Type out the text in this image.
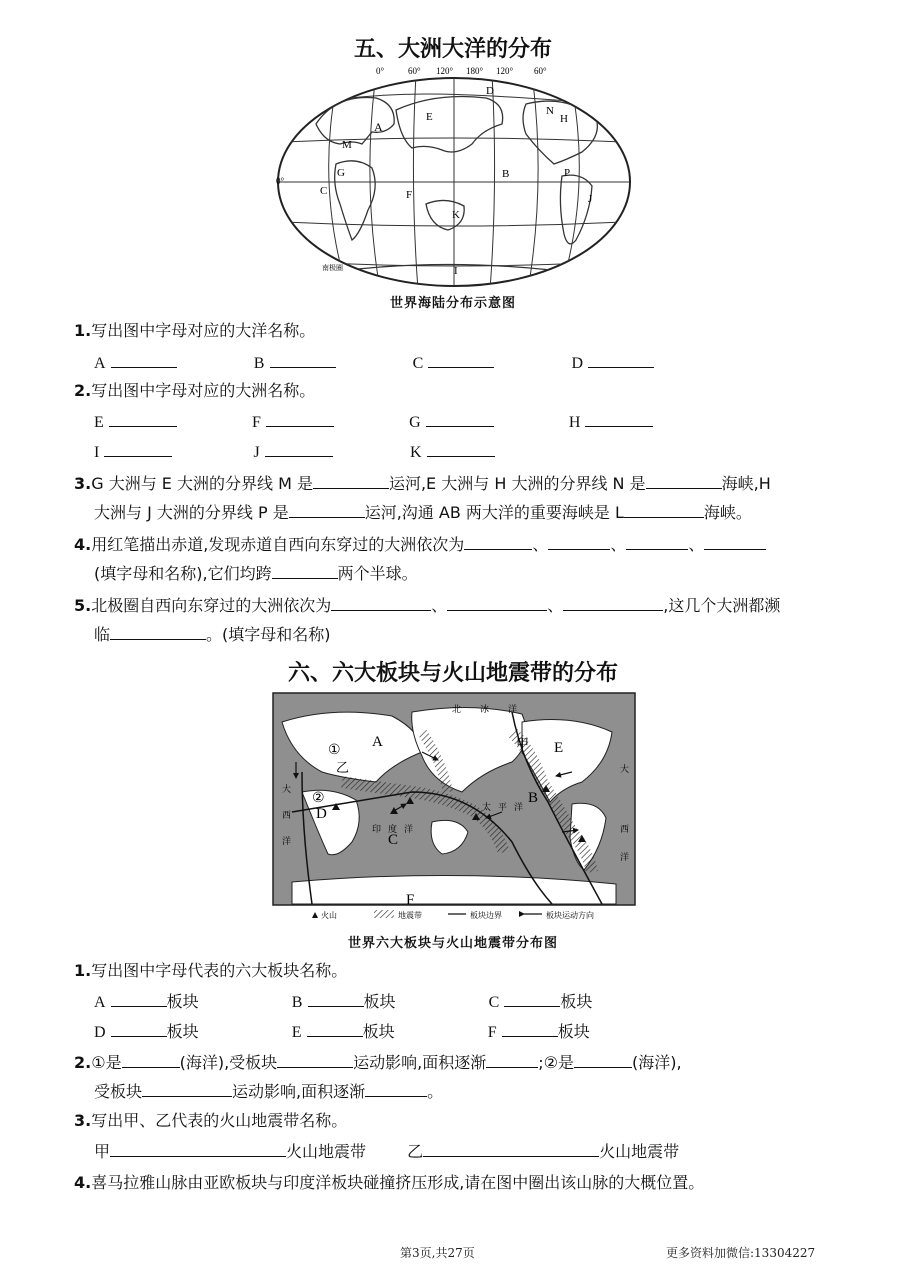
五、大洲大洋的分布
0°	60° 120° 180° 120° 60°
0°
A
B
C
D
E
F
G
H
I
J
K
M
N
P
南极圈
世界海陆分布示意图
1.写出图中字母对应的大洋名称。
A	B	C	D
2.写出图中字母对应的大洲名称。
E	F	G	H
I	J	K
3.G 大洲与 E 大洲的分界线 M 是	运河,E 大洲与 H 大洲的分界线 N 是	海峡,H
大洲与 J 大洲的分界线 P 是	运河,沟通 AB 两大洋的重要海峡是 L	海峡。
4.用红笔描出赤道,发现赤道自西向东穿过的大洲依次为	、	、	、
(填字母和名称),它们均跨	两个半球。
5.北极圈自西向东穿过的大洲依次为	、	、	,这几个大洲都濒
临	。(填字母和名称)
六、六大板块与火山地震带的分布
A
B
C
D
E
F
①
②
甲
乙
北 冰 洋
大
西
洋
印 度 洋
太 平 洋
大
西
洋
火山	地震带	板块边界	板块运动方向
世界六大板块与火山地震带分布图
1.写出图中字母代表的六大板块名称。
A	板块	B	板块	C	板块
D	板块	E	板块	F	板块
2.①是	(海洋),受板块	运动影响,面积逐渐	;②是	(海洋),
受板块	运动影响,面积逐渐	。
3.写出甲、乙代表的火山地震带名称。
甲	火山地震带	乙	火山地震带
4.喜马拉雅山脉由亚欧板块与印度洋板块碰撞挤压形成,请在图中圈出该山脉的大概位置。
第3页,共27页	更多资料加微信:13304227
